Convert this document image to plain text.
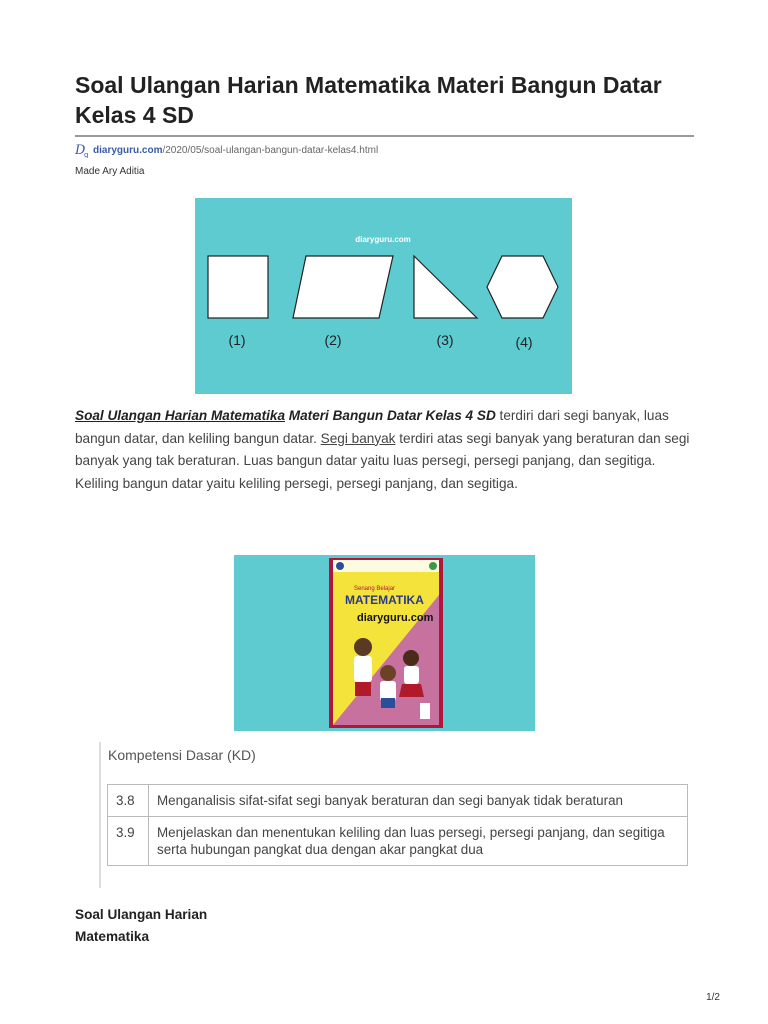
Soal Ulangan Harian Matematika Materi Bangun Datar Kelas 4 SD
D
g diaryguru.com /2020/05/soal-ulangan-bangun-datar-kelas4.html
Made Ary Aditia
diaryguru.com
(1)	(2)	(3)	(4)

Soal Ulangan Harian Matematika Materi Bangun Datar Kelas 4 SD terdiri dari segi banyak, luas bangun datar, dan keliling bangun datar. Segi banyak terdiri atas segi banyak yang beraturan dan segi banyak yang tak beraturan. Luas bangun datar yaitu luas persegi, persegi panjang, dan segitiga. Keliling bangun datar yaitu keliling persegi, persegi panjang, dan segitiga.

Senang Belajar
MATEMATIKA
diaryguru.com
Kompetensi Dasar (KD)
3.8	Menganalisis sifat-sifat segi banyak beraturan dan segi banyak tidak beraturan
3.9	Menjelaskan dan menentukan keliling dan luas persegi, persegi panjang, dan segitiga serta hubungan pangkat dua dengan akar pangkat dua
Soal Ulangan Harian
Matematika
1/2
